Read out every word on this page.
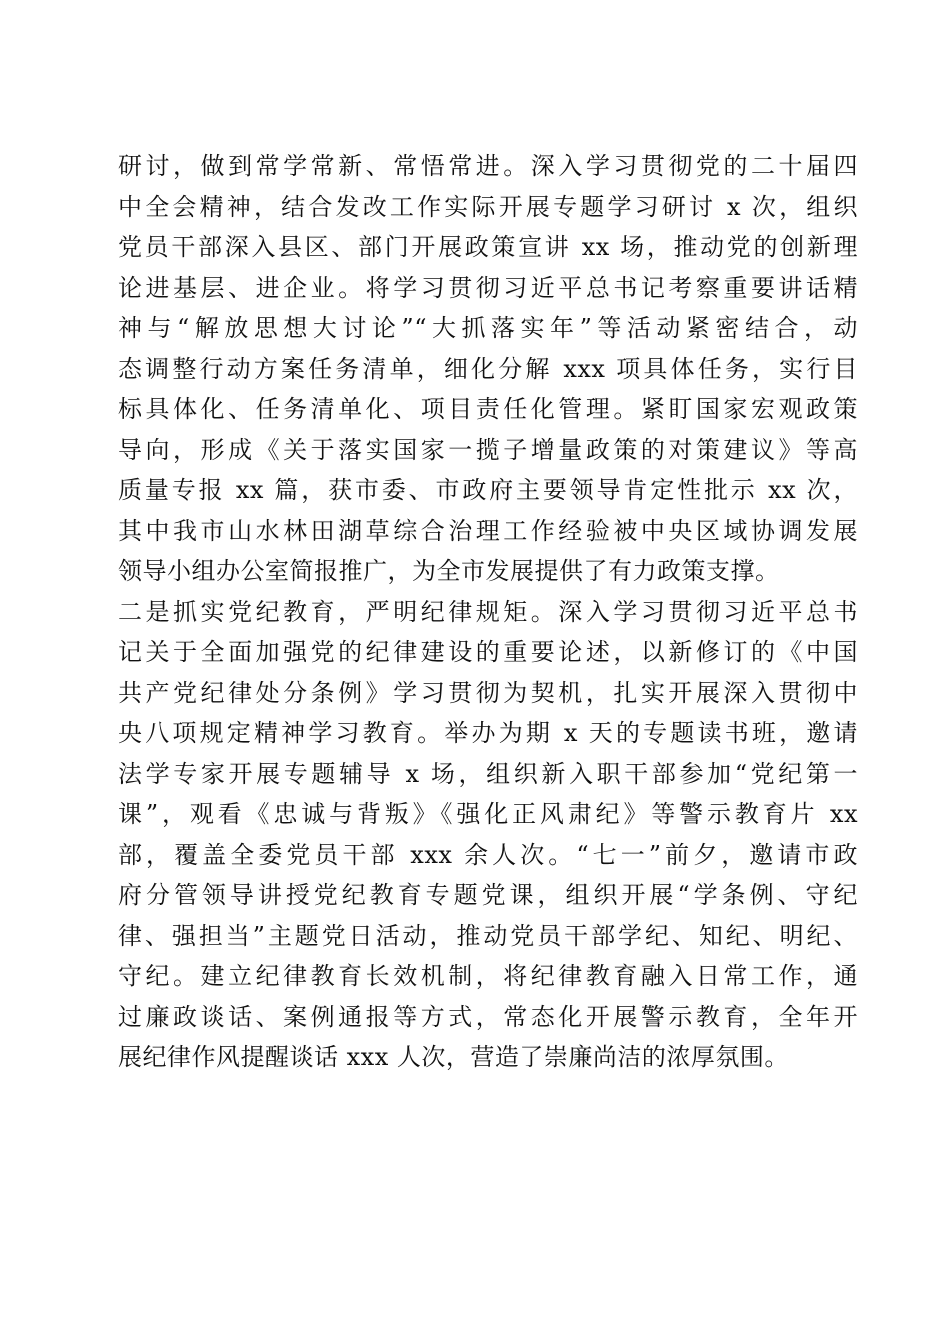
研讨，做到常学常新、常悟常进。深入学习贯彻党的二十届四
中全会精神，结合发改工作实际开展专题学习研讨 x 次，组织
党员干部深入县区、部门开展政策宣讲 xx 场，推动党的创新理
论进基层、进企业。将学习贯彻习近平总书记考察重要讲话精
神与“解放思想大讨论”“大抓落实年”等活动紧密结合，动
态调整行动方案任务清单，细化分解 xxx 项具体任务，实行目
标具体化、任务清单化、项目责任化管理。紧盯国家宏观政策
导向，形成《关于落实国家一揽子增量政策的对策建议》等高
质量专报 xx 篇，获市委、市政府主要领导肯定性批示 xx 次，
其中我市山水林田湖草综合治理工作经验被中央区域协调发展
领导小组办公室简报推广，为全市发展提供了有力政策支撑。
二是抓实党纪教育，严明纪律规矩。深入学习贯彻习近平总书
记关于全面加强党的纪律建设的重要论述，以新修订的《中国
共产党纪律处分条例》学习贯彻为契机，扎实开展深入贯彻中
央八项规定精神学习教育。举办为期 x 天的专题读书班，邀请
法学专家开展专题辅导 x 场，组织新入职干部参加“党纪第一
课”，观看《忠诚与背叛》《强化正风肃纪》等警示教育片 xx
部，覆盖全委党员干部 xxx 余人次。“七一”前夕，邀请市政
府分管领导讲授党纪教育专题党课，组织开展“学条例、守纪
律、强担当”主题党日活动，推动党员干部学纪、知纪、明纪、
守纪。建立纪律教育长效机制，将纪律教育融入日常工作，通
过廉政谈话、案例通报等方式，常态化开展警示教育，全年开
展纪律作风提醒谈话 xxx 人次，营造了崇廉尚洁的浓厚氛围。
